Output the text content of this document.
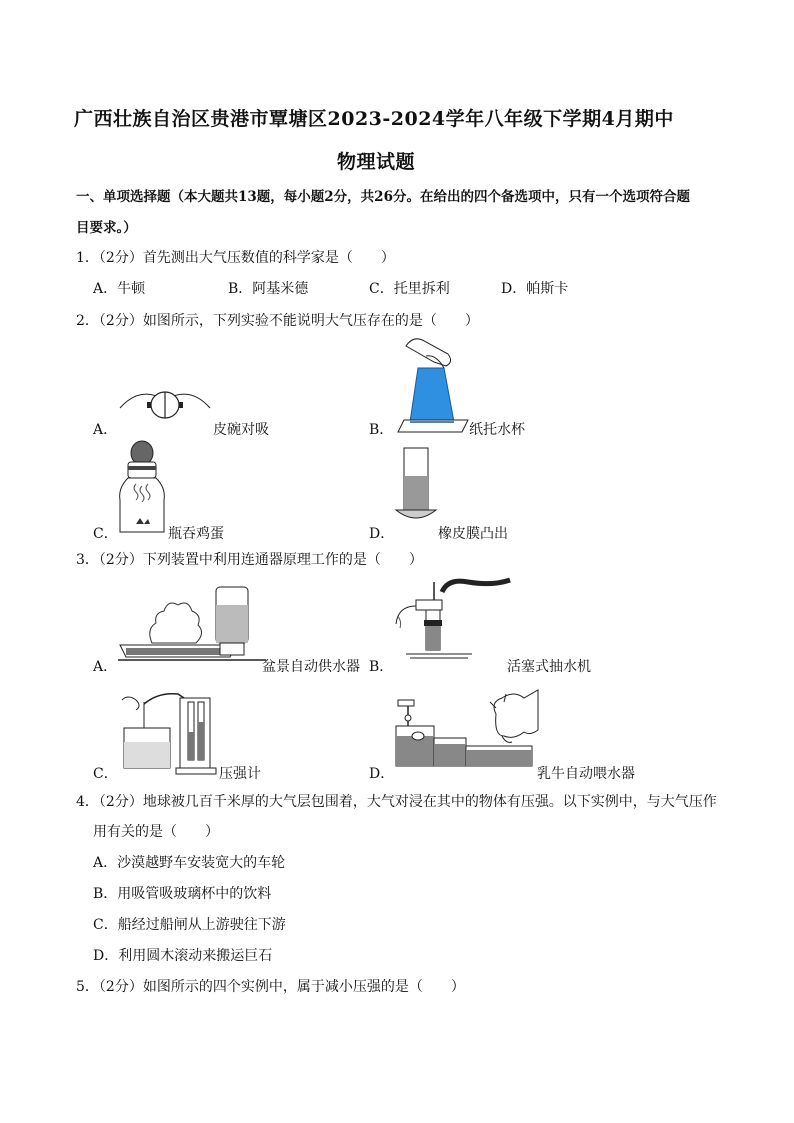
广西壮族自治区贵港市覃塘区2023-2024学年八年级下学期4月期中
物理试题
一、单项选择题（本大题共13题，每小题2分，共26分。在给出的四个备选项中，只有一个选项符合题
目要求。）
1．（2分）首先测出大气压数值的科学家是（　　）
A．牛顿	B．阿基米德	C．托里拆利	D．帕斯卡
2．（2分）如图所示，下列实验不能说明大气压存在的是（　　）
A．	皮碗对吸	B．	纸托水杯
C．	瓶吞鸡蛋	D．	橡皮膜凸出
3．（2分）下列装置中利用连通器原理工作的是（　　）
A．	盆景自动供水器 B．	活塞式抽水机
C．	压强计	D．	乳牛自动喂水器
4．（2分）地球被几百千米厚的大气层包围着，大气对浸在其中的物体有压强。以下实例中，与大气压作
用有关的是（　　）
A．沙漠越野车安装宽大的车轮
B．用吸管吸玻璃杯中的饮料
C．船经过船闸从上游驶往下游
D．利用圆木滚动来搬运巨石
5．（2分）如图所示的四个实例中，属于减小压强的是（　　）
